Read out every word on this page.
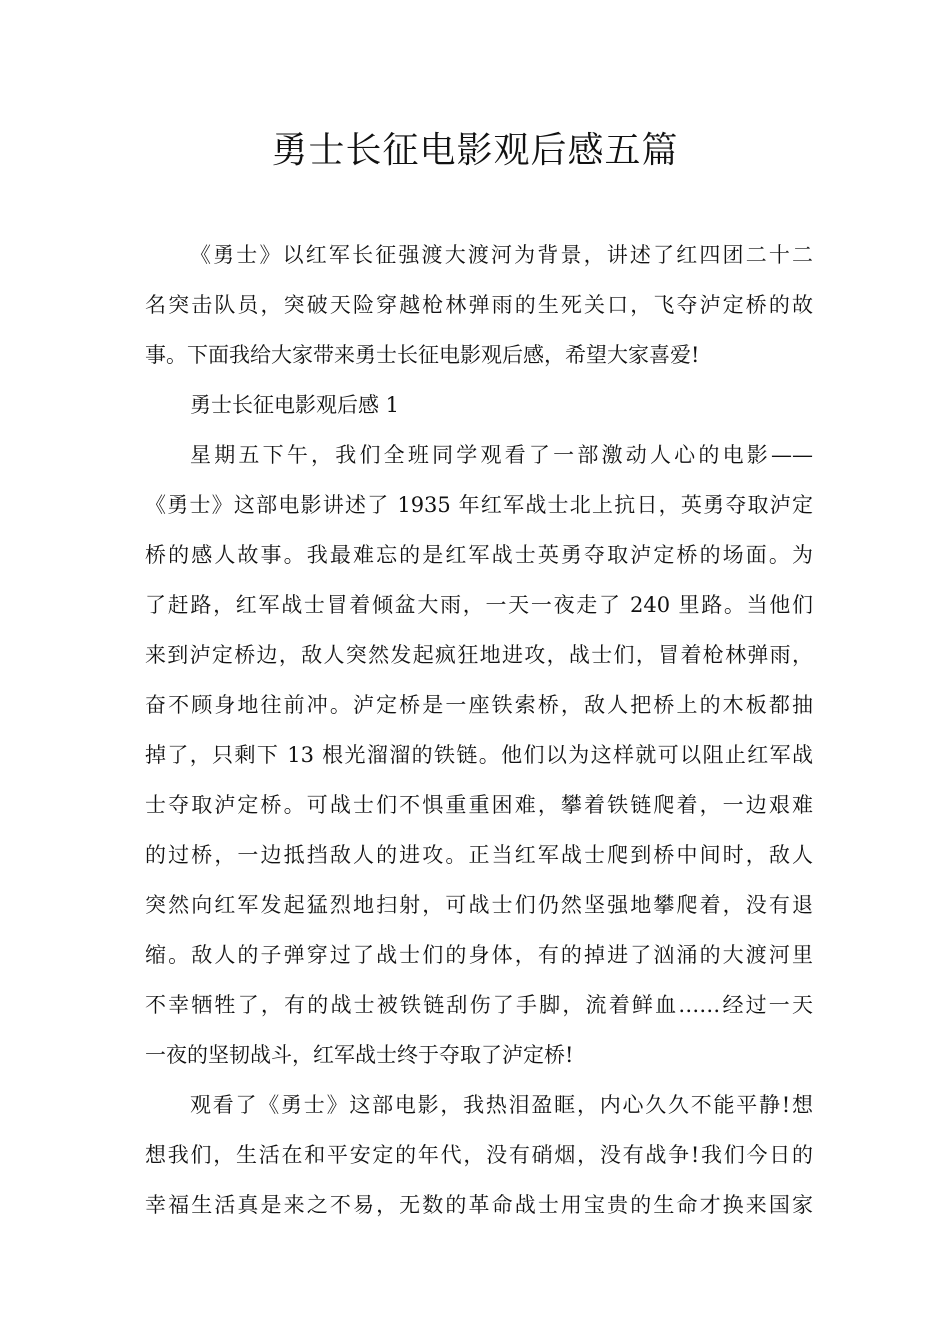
勇士长征电影观后感五篇
《勇士》以红军长征强渡大渡河为背景，讲述了红四团二十二
名突击队员，突破天险穿越枪林弹雨的生死关口，飞夺泸定桥的故
事。下面我给大家带来勇士长征电影观后感，希望大家喜爱!
勇士长征电影观后感 1
星期五下午，我们全班同学观看了一部激动人心的电影——
《勇士》这部电影讲述了 1935 年红军战士北上抗日，英勇夺取泸定
桥的感人故事。我最难忘的是红军战士英勇夺取泸定桥的场面。为
了赶路，红军战士冒着倾盆大雨，一天一夜走了 240 里路。当他们
来到泸定桥边，敌人突然发起疯狂地进攻，战士们，冒着枪林弹雨，
奋不顾身地往前冲。泸定桥是一座铁索桥，敌人把桥上的木板都抽
掉了，只剩下 13 根光溜溜的铁链。他们以为这样就可以阻止红军战
士夺取泸定桥。可战士们不惧重重困难，攀着铁链爬着，一边艰难
的过桥，一边抵挡敌人的进攻。正当红军战士爬到桥中间时，敌人
突然向红军发起猛烈地扫射，可战士们仍然坚强地攀爬着，没有退
缩。敌人的子弹穿过了战士们的身体，有的掉进了汹涌的大渡河里
不幸牺牲了，有的战士被铁链刮伤了手脚，流着鲜血……经过一天
一夜的坚韧战斗，红军战士终于夺取了泸定桥!
观看了《勇士》这部电影，我热泪盈眶，内心久久不能平静!想
想我们，生活在和平安定的年代，没有硝烟，没有战争!我们今日的
幸福生活真是来之不易，无数的革命战士用宝贵的生命才换来国家
